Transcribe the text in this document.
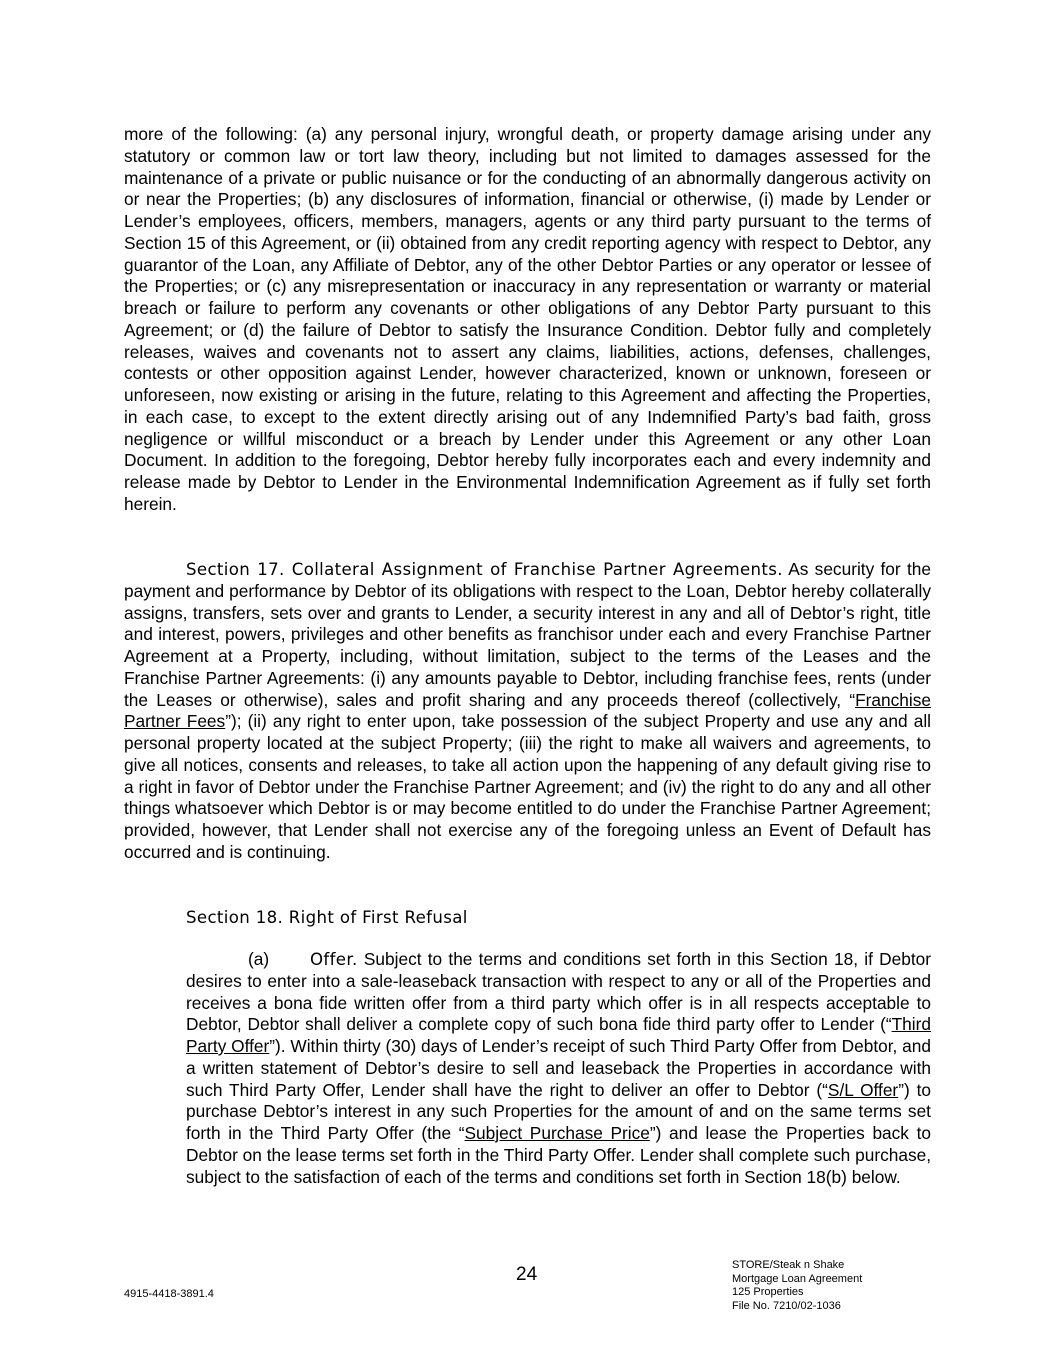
more of the following: (a) any personal injury, wrongful death, or property damage arising under any statutory or common law or tort law theory, including but not limited to damages assessed for the maintenance of a private or public nuisance or for the conducting of an abnormally dangerous activity on or near the Properties; (b) any disclosures of information, financial or otherwise, (i) made by Lender or Lender’s employees, officers, members, managers, agents or any third party pursuant to the terms of Section 15 of this Agreement, or (ii) obtained from any credit reporting agency with respect to Debtor, any guarantor of the Loan, any Affiliate of Debtor, any of the other Debtor Parties or any operator or lessee of the Properties; or (c) any misrepresentation or inaccuracy in any representation or warranty or material breach or failure to perform any covenants or other obligations of any Debtor Party pursuant to this Agreement; or (d) the failure of Debtor to satisfy the Insurance Condition. Debtor fully and completely releases, waives and covenants not to assert any claims, liabilities, actions, defenses, challenges, contests or other opposition against Lender, however characterized, known or unknown, foreseen or unforeseen, now existing or arising in the future, relating to this Agreement and affecting the Properties, in each case, to except to the extent directly arising out of any Indemnified Party’s bad faith, gross negligence or willful misconduct or a breach by Lender under this Agreement or any other Loan Document. In addition to the foregoing, Debtor hereby fully incorporates each and every indemnity and release made by Debtor to Lender in the Environmental Indemnification Agreement as if fully set forth herein.

Section 17. Collateral Assignment of Franchise Partner Agreements. As security for the payment and performance by Debtor of its obligations with respect to the Loan, Debtor hereby collaterally assigns, transfers, sets over and grants to Lender, a security interest in any and all of Debtor’s right, title and interest, powers, privileges and other benefits as franchisor under each and every Franchise Partner Agreement at a Property, including, without limitation, subject to the terms of the Leases and the Franchise Partner Agreements: (i) any amounts payable to Debtor, including franchise fees, rents (under the Leases or otherwise), sales and profit sharing and any proceeds thereof (collectively, “Franchise Partner Fees”); (ii) any right to enter upon, take possession of the subject Property and use any and all personal property located at the subject Property; (iii) the right to make all waivers and agreements, to give all notices, consents and releases, to take all action upon the happening of any default giving rise to a right in favor of Debtor under the Franchise Partner Agreement; and (iv) the right to do any and all other things whatsoever which Debtor is or may become entitled to do under the Franchise Partner Agreement; provided, however, that Lender shall not exercise any of the foregoing unless an Event of Default has occurred and is continuing.

Section 18. Right of First Refusal

(a) Offer. Subject to the terms and conditions set forth in this Section 18, if Debtor desires to enter into a sale-leaseback transaction with respect to any or all of the Properties and receives a bona fide written offer from a third party which offer is in all respects acceptable to Debtor, Debtor shall deliver a complete copy of such bona fide third party offer to Lender (“Third Party Offer”). Within thirty (30) days of Lender’s receipt of such Third Party Offer from Debtor, and a written statement of Debtor’s desire to sell and leaseback the Properties in accordance with such Third Party Offer, Lender shall have the right to deliver an offer to Debtor (“S/L Offer”) to purchase Debtor’s interest in any such Properties for the amount of and on the same terms set forth in the Third Party Offer (the “Subject Purchase Price”) and lease the Properties back to Debtor on the lease terms set forth in the Third Party Offer. Lender shall complete such purchase, subject to the satisfaction of each of the terms and conditions set forth in Section 18(b) below.

24
4915-4418-3891.4
STORE/Steak n Shake
Mortgage Loan Agreement
125 Properties
File No. 7210/02-1036
